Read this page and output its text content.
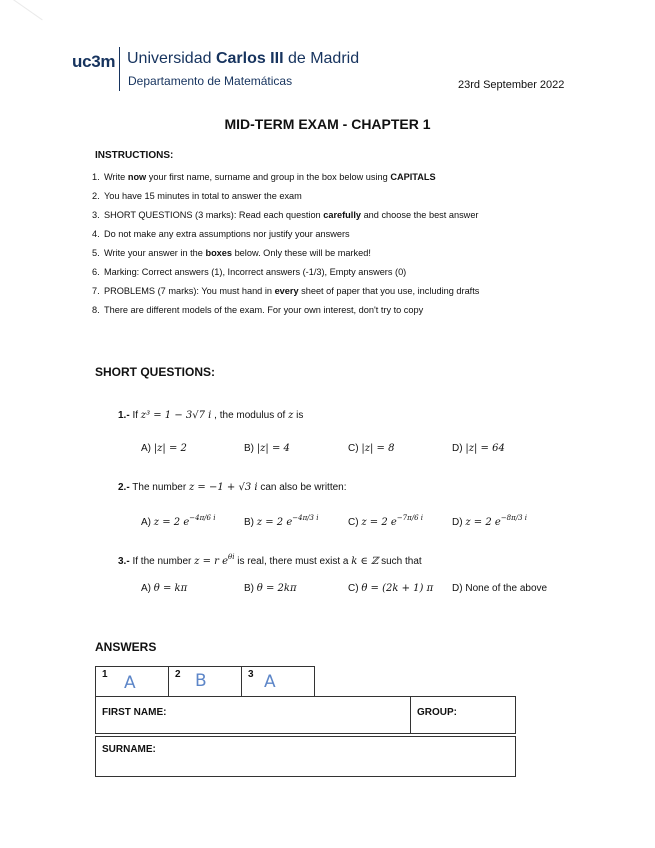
uc3m Universidad Carlos III de Madrid
Departamento de Matemáticas	23rd September 2022
MID-TERM EXAM - CHAPTER 1
INSTRUCTIONS:
1. Write now your first name, surname and group in the box below using CAPITALS
2. You have 15 minutes in total to answer the exam
3. SHORT QUESTIONS (3 marks): Read each question carefully and choose the best answer
4. Do not make any extra assumptions nor justify your answers
5. Write your answer in the boxes below. Only these will be marked!
6. Marking: Correct answers (1), Incorrect answers (-1/3), Empty answers (0)
7. PROBLEMS (7 marks): You must hand in every sheet of paper that you use, including drafts
8. There are different models of the exam. For your own interest, don't try to copy
SHORT QUESTIONS:
1.- If z³ = 1 − 3√7 i , the modulus of z is
A) |z| = 2	B) |z| = 4	C) |z| = 8	D) |z| = 64
2.- The number z = −1 + √3 i can also be written:
A) z = 2 $e^{-4\pi/6 i}$	B) z = 2 $e^{-4\pi/3 i}$	C) z = 2 $e^{-7\pi/6 i}$	D) z = 2 $e^{-8\pi/3 i}$
3.- If the number z = r $e^{\theta i}$ is real, there must exist a k ∈ ℤ such that
A) θ = kπ	B) θ = 2kπ	C) θ = (2k + 1) π D) None of the above
ANSWERS
1 A	2 B	3 A
FIRST NAME:	GROUP:
SURNAME:
